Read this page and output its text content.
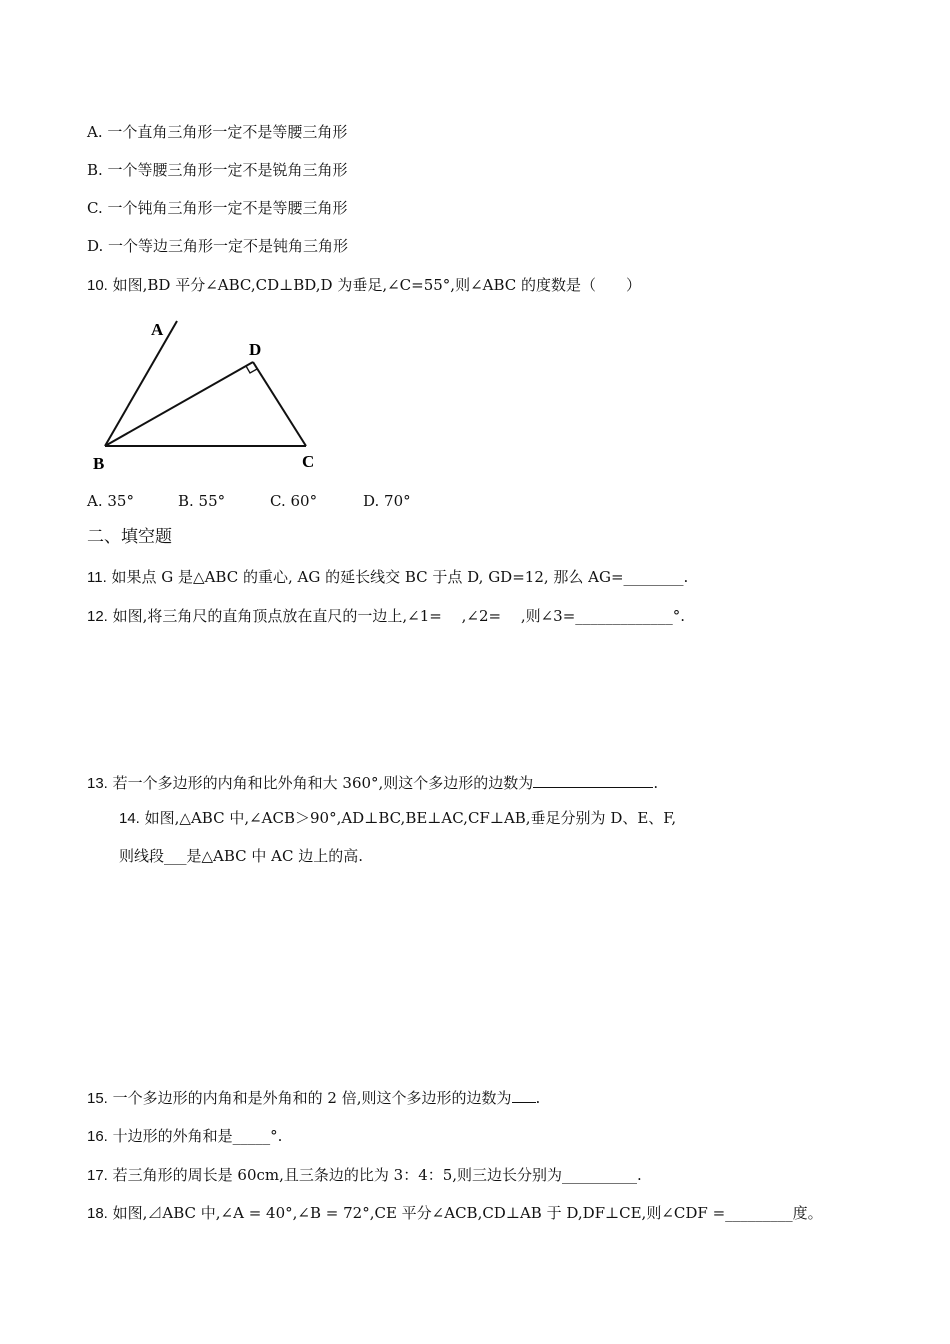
A. 一个直角三角形一定不是等腰三角形
B. 一个等腰三角形一定不是锐角三角形
C. 一个钝角三角形一定不是等腰三角形
D. 一个等边三角形一定不是钝角三角形
10. 如图,BD 平分∠ABC,CD⊥BD,D 为垂足,∠C=55°,则∠ABC 的度数是（　　）
A
D
B	C
A. 35°	B. 55°	C. 60°	D. 70°
二、填空题
11. 如果点 G 是△ABC 的重心, AG 的延长线交 BC 于点 D, GD=12, 那么 AG=________.
12. 如图,将三角尺的直角顶点放在直尺的一边上,∠1=　 ,∠2=　 ,则∠3=_____________°.
13. 若一个多边形的内角和比外角和大 360°,则这个多边形的边数为	.
14. 如图,△ABC 中,∠ACB＞90°,AD⊥BC,BE⊥AC,CF⊥AB,垂足分别为 D、E、F,
则线段___是△ABC 中 AC 边上的高.
15. 一个多边形的内角和是外角和的 2 倍,则这个多边形的边数为 .
16. 十边形的外角和是_____°.
17. 若三角形的周长是 60cm,且三条边的比为 3：4：5,则三边长分别为__________.
18. 如图,⊿ABC 中,∠A = 40°,∠B = 72°,CE 平分∠ACB,CD⊥AB 于 D,DF⊥CE,则∠CDF =_________度。
